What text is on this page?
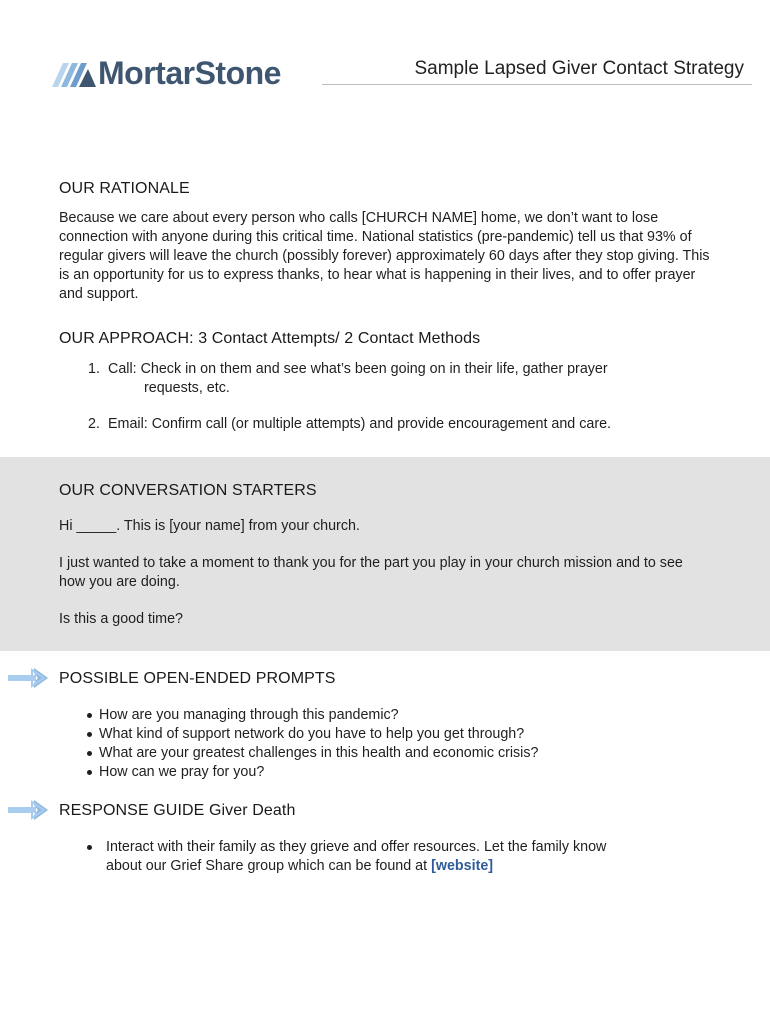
MortarStone	Sample Lapsed Giver Contact Strategy
OUR RATIONALE

Because we care about every person who calls [CHURCH NAME] home, we don’t want to lose connection with anyone during this critical time. National statistics (pre-pandemic) tell us that 93% of regular givers will leave the church (possibly forever) approximately 60 days after they stop giving. This is an opportunity for us to express thanks, to hear what is happening in their lives, and to offer prayer and support.

OUR APPROACH: 3 Contact Attempts/ 2 Contact Methods
1. Call: Check in on them and see what’s been going on in their life, gather prayer
requests, etc.
2. Email: Confirm call (or multiple attempts) and provide encouragement and care.
OUR CONVERSATION STARTERS

Hi _____. This is [your name] from your church.

I just wanted to take a moment to thank you for the part you play in your church mission and to see how you are doing.

Is this a good time?

POSSIBLE OPEN-ENDED PROMPTS
How are you managing through this pandemic?
What kind of support network do you have to help you get through?
What are your greatest challenges in this health and economic crisis?
How can we pray for you?
RESPONSE GUIDE Giver Death
Interact with their family as they grieve and offer resources. Let the family know about our Grief Share group which can be found at [website]
